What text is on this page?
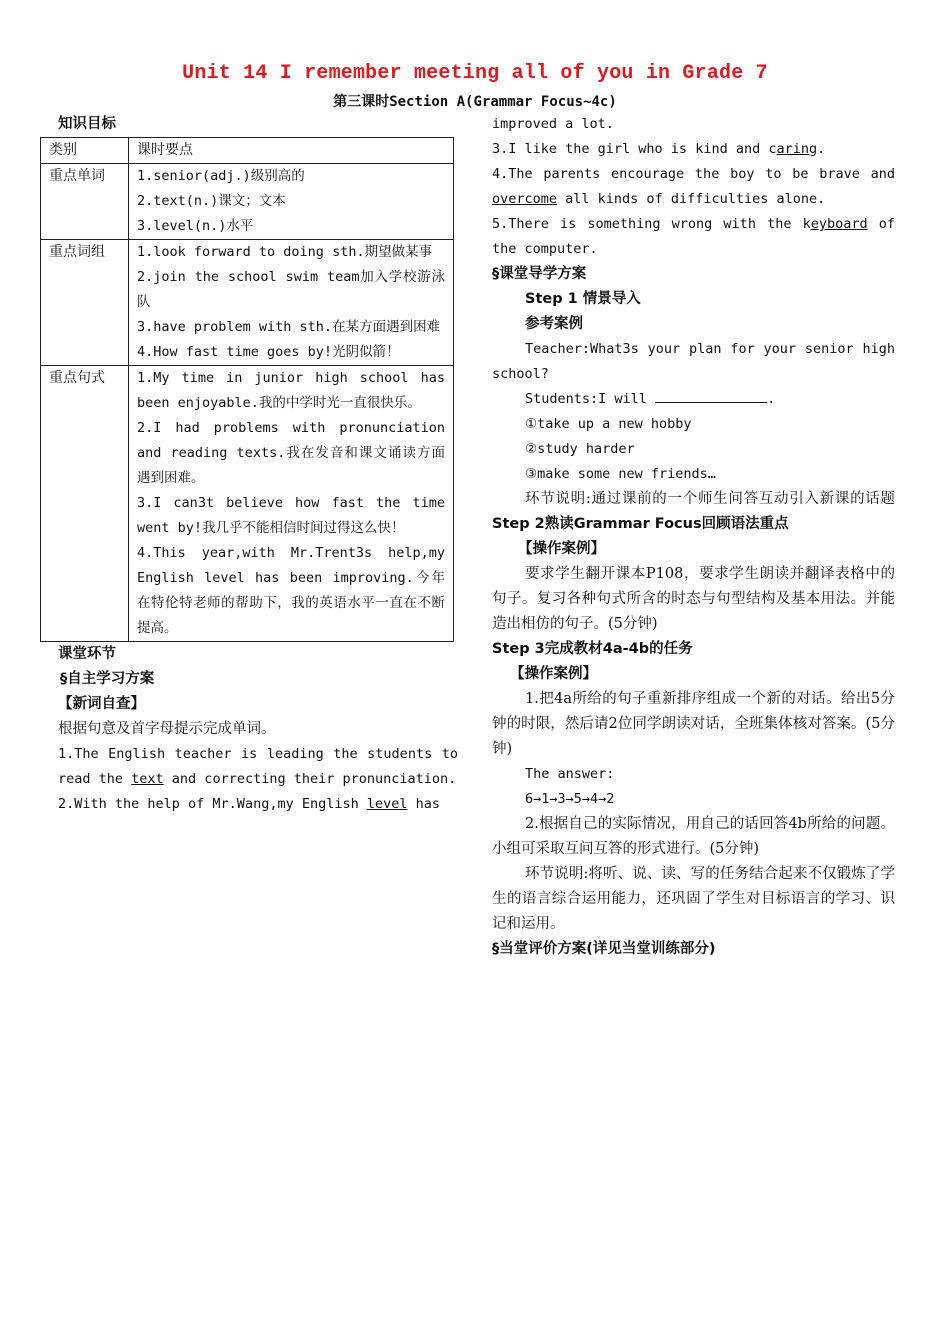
Unit 14 I remember meeting all of you in Grade 7
第三课时Section A(Grammar Focus~4c)
知识目标
类别	课时要点
重点单词	1.senior(adj.)级别高的
2.text(n.)课文；文本
3.level(n.)水平

重点词组	1.look forward to doing sth.期望做某事
2.join the school swim team加入学校游泳队
3.have problem with sth.在某方面遇到困难
4.How fast time goes by!光阴似箭！

重点句式	1.My time in junior high school has been enjoyable.我的中学时光一直很快乐。
2.I had problems with pronunciation and reading texts.我在发音和课文诵读方面遇到困难。
3.I can3t believe how fast the time went by!我几乎不能相信时间过得这么快！
4.This year,with Mr.Trent3s help,my English level has been improving.今年在特伦特老师的帮助下，我的英语水平一直在不断提高。
课堂环节
§自主学习方案
【新词自查】
根据句意及首字母提示完成单词。
1.The English teacher is leading the students to read the text and correcting their pronunciation.
2.With the help of Mr.Wang,my English level has
improved a lot.
3.I like the girl who is kind and caring.
4.The parents encourage the boy to be brave and overcome all kinds of difficulties alone.
5.There is something wrong with the keyboard of the computer.
§课堂导学方案
Step 1 情景导入
参考案例
Teacher:What3s your plan for your senior high school?
Students:I will	.
①take up a new hobby
②study harder
③make some new friends…
环节说明:通过课前的一个师生问答互动引入新课的话题Step 2熟读Grammar Focus回顾语法重点
【操作案例】
要求学生翻开课本P108，要求学生朗读并翻译表格中的句子。复习各种句式所含的时态与句型结构及基本用法。并能造出相仿的句子。(5分钟)
Step 3完成教材4a-4b的任务
【操作案例】
1.把4a所给的句子重新排序组成一个新的对话。给出5分钟的时限，然后请2位同学朗读对话，全班集体核对答案。(5分钟)
The answer:
6→1→3→5→4→2
2.根据自己的实际情况，用自己的话回答4b所给的问题。小组可采取互问互答的形式进行。(5分钟)
环节说明:将听、说、读、写的任务结合起来不仅锻炼了学生的语言综合运用能力，还巩固了学生对目标语言的学习、识记和运用。
§当堂评价方案(详见当堂训练部分)
